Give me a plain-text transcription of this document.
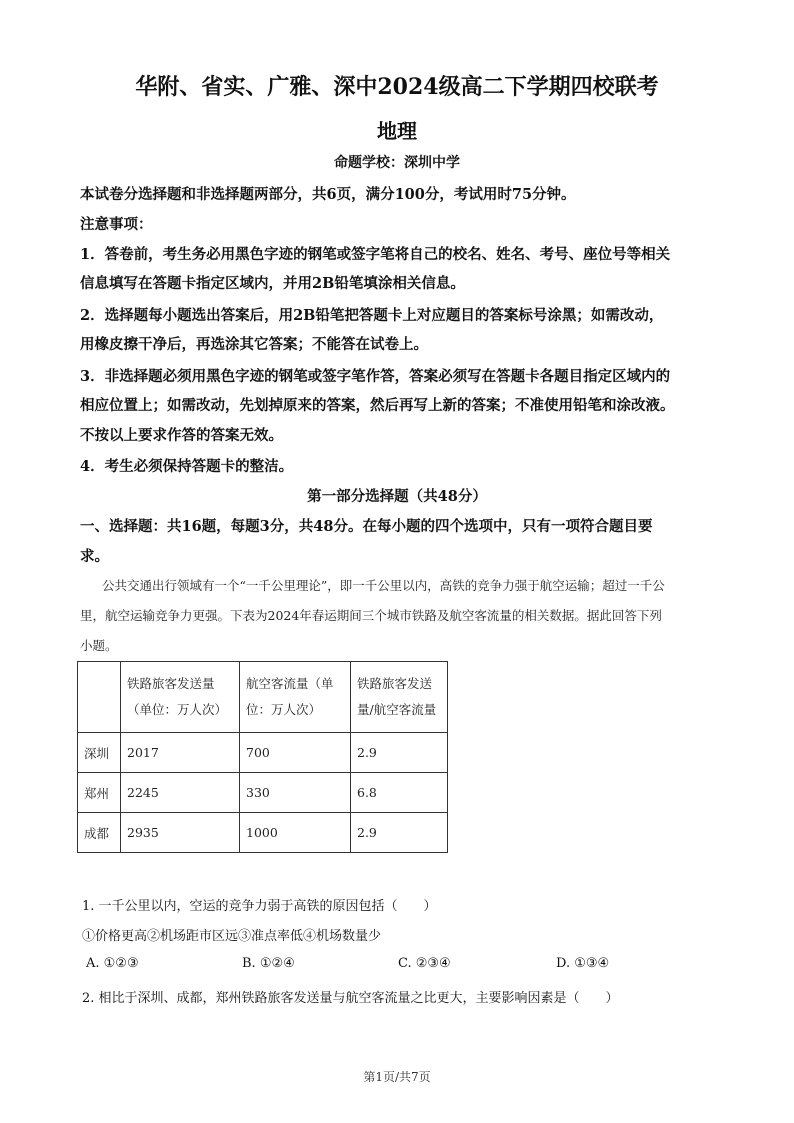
华附、省实、广雅、深中2024级高二下学期四校联考
地理
命题学校：深圳中学
本试卷分选择题和非选择题两部分，共6页，满分100分，考试用时75分钟。
注意事项：
1．答卷前，考生务必用黑色字迹的钢笔或签字笔将自己的校名、姓名、考号、座位号等相关
信息填写在答题卡指定区域内，并用2B铅笔填涂相关信息。
2．选择题每小题选出答案后，用2B铅笔把答题卡上对应题目的答案标号涂黑；如需改动，
用橡皮擦干净后，再选涂其它答案；不能答在试卷上。
3．非选择题必须用黑色字迹的钢笔或签字笔作答，答案必须写在答题卡各题目指定区域内的
相应位置上；如需改动，先划掉原来的答案，然后再写上新的答案；不准使用铅笔和涂改液。
不按以上要求作答的答案无效。
4．考生必须保持答题卡的整洁。
第一部分选择题（共48分）
一、选择题：共16题，每题3分，共48分。在每小题的四个选项中，只有一项符合题目要
求。
公共交通出行领域有一个“一千公里理论”，即一千公里以内，高铁的竞争力强于航空运输；超过一千公
里，航空运输竞争力更强。下表为2024年春运期间三个城市铁路及航空客流量的相关数据。据此回答下列
小题。
	铁路旅客发送量（单位：万人次）	航空客流量（单位：万人次）	铁路旅客发送量/航空客流量
深圳	2017	700	2.9
郑州	2245	330	6.8
成都	2935	1000	2.9
1. 一千公里以内，空运的竞争力弱于高铁的原因包括（　　）
①价格更高②机场距市区远③准点率低④机场数量少
A. ①②③	B. ①②④	C. ②③④	D. ①③④
2. 相比于深圳、成都，郑州铁路旅客发送量与航空客流量之比更大，主要影响因素是（　　）
第1页/共7页
